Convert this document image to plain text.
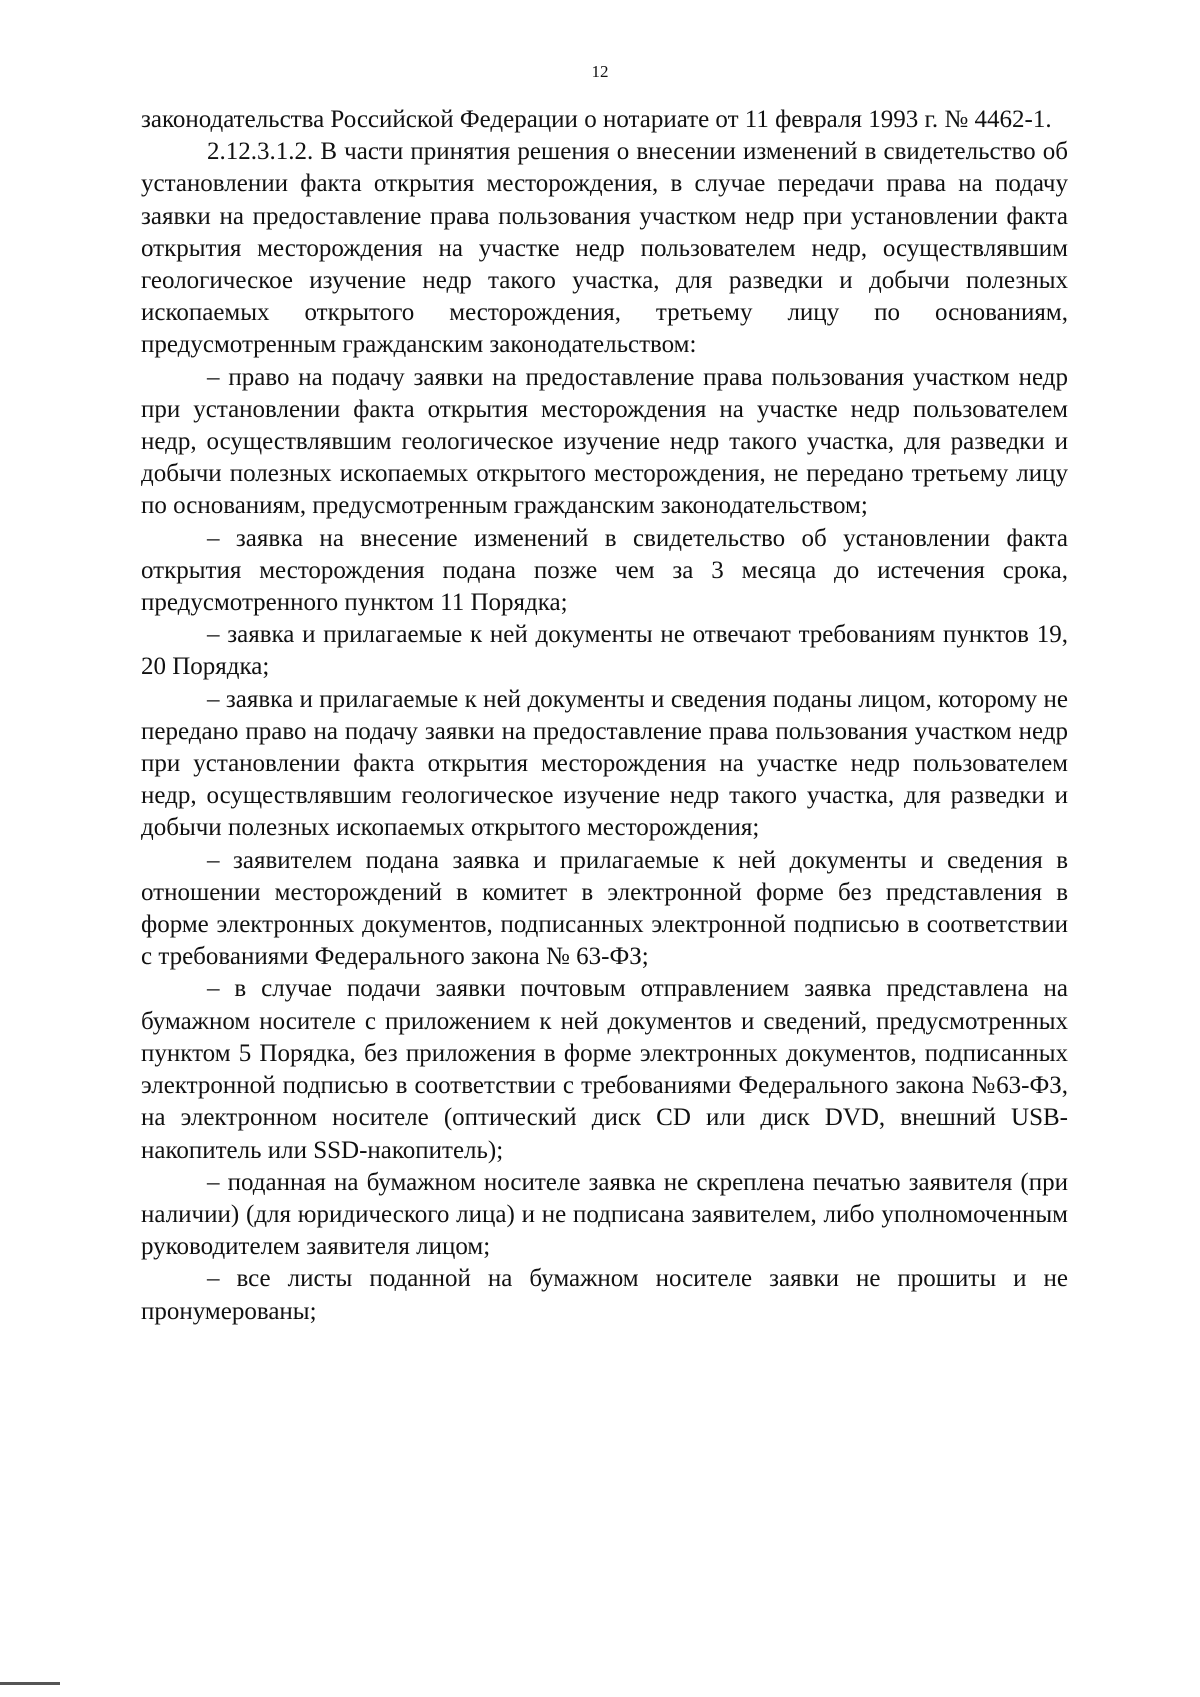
12

законодательства Российской Федерации о нотариате от 11 февраля 1993 г. № 4462-1.

2.12.3.1.2. В части принятия решения о внесении изменений в свидетельство об установлении факта открытия месторождения, в случае передачи права на подачу заявки на предоставление права пользования участком недр при установлении факта открытия месторождения на участке недр пользователем недр, осуществлявшим геологическое изучение недр такого участка, для разведки и добычи полезных ископаемых открытого месторождения, третьему лицу по основаниям, предусмотренным гражданским законодательством:

– право на подачу заявки на предоставление права пользования участком недр при установлении факта открытия месторождения на участке недр пользователем недр, осуществлявшим геологическое изучение недр такого участка, для разведки и добычи полезных ископаемых открытого месторождения, не передано третьему лицу по основаниям, предусмотренным гражданским законодательством;

– заявка на внесение изменений в свидетельство об установлении факта открытия месторождения подана позже чем за 3 месяца до истечения срока, предусмотренного пунктом 11 Порядка;

– заявка и прилагаемые к ней документы не отвечают требованиям пунктов 19, 20 Порядка;

– заявка и прилагаемые к ней документы и сведения поданы лицом, которому не передано право на подачу заявки на предоставление права пользования участком недр при установлении факта открытия месторождения на участке недр пользователем недр, осуществлявшим геологическое изучение недр такого участка, для разведки и добычи полезных ископаемых открытого месторождения;

– заявителем подана заявка и прилагаемые к ней документы и сведения в отношении месторождений в комитет в электронной форме без представления в форме электронных документов, подписанных электронной подписью в соответствии с требованиями Федерального закона № 63-ФЗ;

– в случае подачи заявки почтовым отправлением заявка представлена на бумажном носителе с приложением к ней документов и сведений, предусмотренных пунктом 5 Порядка, без приложения в форме электронных документов, подписанных электронной подписью в соответствии с требованиями Федерального закона №63-ФЗ, на электронном носителе (оптический диск CD или диск DVD, внешний USB-накопитель или SSD-накопитель);

– поданная на бумажном носителе заявка не скреплена печатью заявителя (при наличии) (для юридического лица) и не подписана заявителем, либо уполномоченным руководителем заявителя лицом;

– все листы поданной на бумажном носителе заявки не прошиты и не пронумерованы;
